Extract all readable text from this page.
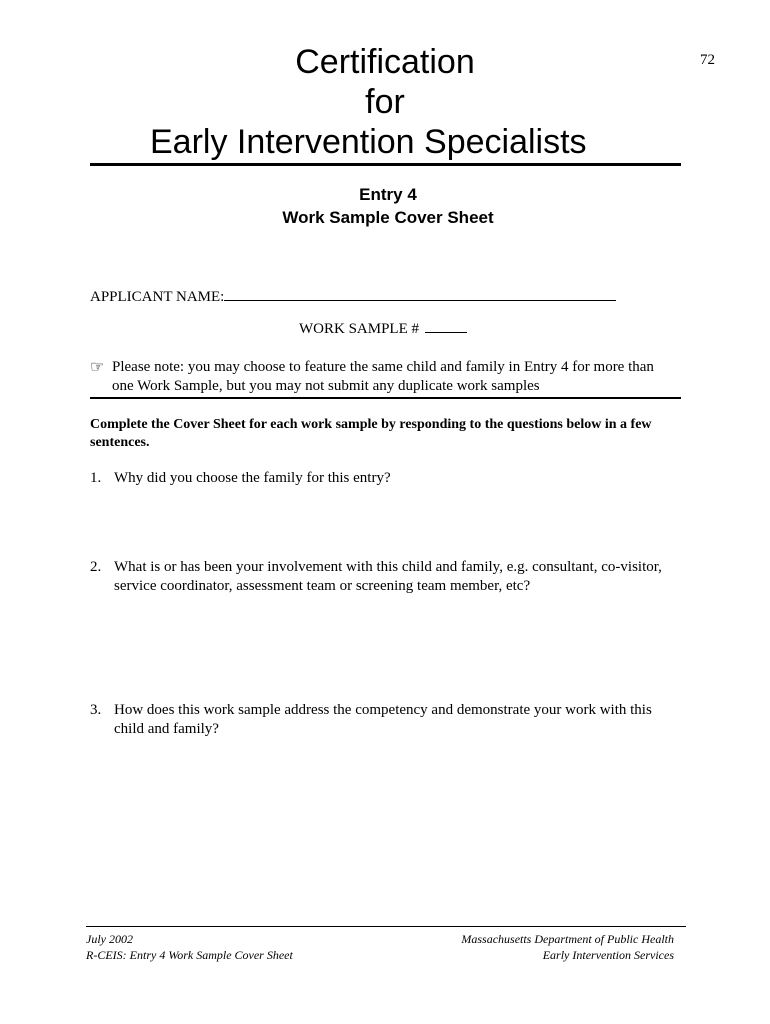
72
Certification
for
Early Intervention Specialists
Entry 4
Work Sample Cover Sheet
APPLICANT NAME:
WORK SAMPLE #
☞ Please note: you may choose to feature the same child and family in Entry 4 for more than
one Work Sample, but you may not submit any duplicate work samples
Complete the Cover Sheet for each work sample by responding to the questions below in a few sentences.
1. Why did you choose the family for this entry?
2. What is or has been your involvement with this child and family, e.g. consultant, co-visitor,
service coordinator, assessment team or screening team member, etc?
3. How does this work sample address the competency and demonstrate your work with this
child and family?
July 2002
R-CEIS: Entry 4 Work Sample Cover Sheet
Massachusetts Department of Public Health
Early Intervention Services
